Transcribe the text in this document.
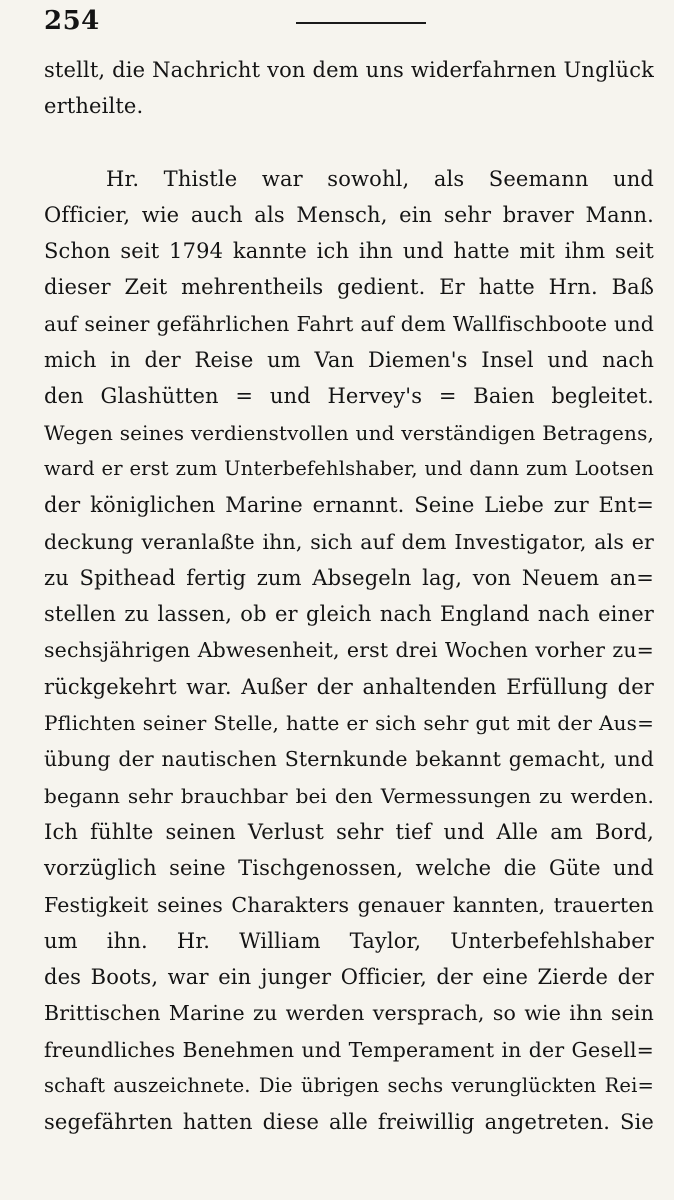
254
stellt, die Nachricht von dem uns widerfahrnen Unglück
ertheilte.
Hr. Thistle war sowohl, als Seemann und
Officier, wie auch als Mensch, ein sehr braver Mann.
Schon seit 1794 kannte ich ihn und hatte mit ihm seit
dieser Zeit mehrentheils gedient. Er hatte Hrn. Baß
auf seiner gefährlichen Fahrt auf dem Wallfischboote und
mich in der Reise um Van Diemen's Insel und nach
den Glashütten = und Hervey's = Baien begleitet.
Wegen seines verdienstvollen und verständigen Betragens,
ward er erst zum Unterbefehlshaber, und dann zum Lootsen
der königlichen Marine ernannt. Seine Liebe zur Ent=
deckung veranlaßte ihn, sich auf dem Investigator, als er
zu Spithead fertig zum Absegeln lag, von Neuem an=
stellen zu lassen, ob er gleich nach England nach einer
sechsjährigen Abwesenheit, erst drei Wochen vorher zu=
rückgekehrt war. Außer der anhaltenden Erfüllung der
Pflichten seiner Stelle, hatte er sich sehr gut mit der Aus=
übung der nautischen Sternkunde bekannt gemacht, und
begann sehr brauchbar bei den Vermessungen zu werden.
Ich fühlte seinen Verlust sehr tief und Alle am Bord,
vorzüglich seine Tischgenossen, welche die Güte und
Festigkeit seines Charakters genauer kannten, trauerten
um ihn. Hr. William Taylor, Unterbefehlshaber
des Boots, war ein junger Officier, der eine Zierde der
Brittischen Marine zu werden versprach, so wie ihn sein
freundliches Benehmen und Temperament in der Gesell=
schaft auszeichnete. Die übrigen sechs verunglückten Rei=
segefährten hatten diese alle freiwillig angetreten. Sie
